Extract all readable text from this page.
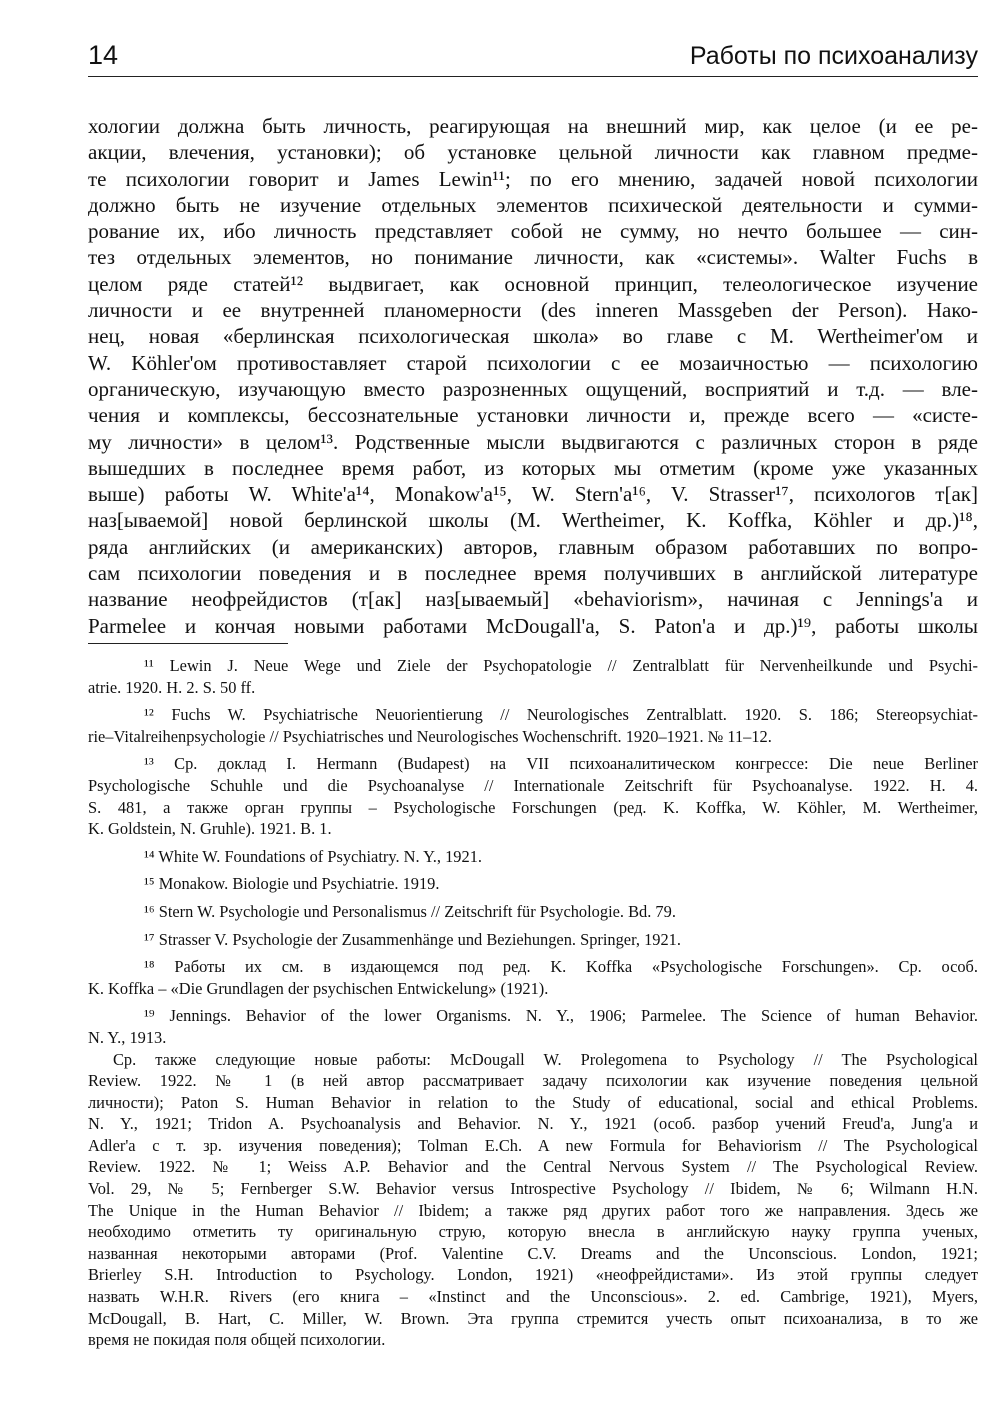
14	Работы по психоанализу
хологии должна быть личность, реагирующая на внешний мир, как целое (и ее ре-
акции, влечения, установки); об установке цельной личности как главном предме-
те психологии говорит и James Lewin¹¹; по его мнению, задачей новой психологии
должно быть не изучение отдельных элементов психической деятельности и сумми-
рование их, ибо личность представляет собой не сумму, но нечто большее — син-
тез отдельных элементов, но понимание личности, как «системы». Walter Fuchs в
целом ряде статей¹² выдвигает, как основной принцип, телеологическое изучение
личности и ее внутренней планомерности (des inneren Massgeben der Person). Нако-
нец, новая «берлинская психологическая школа» во главе с M. Wertheimer'ом и
W. Köhler'ом противоставляет старой психологии с ее мозаичностью — психологию
органическую, изучающую вместо разрозненных ощущений, восприятий и т.д. — вле-
чения и комплексы, бессознательные установки личности и, прежде всего — «систе-
му личности» в целом¹³. Родственные мысли выдвигаются с различных сторон в ряде
вышедших в последнее время работ, из которых мы отметим (кроме уже указанных
выше) работы W. White'a¹⁴, Monakow'a¹⁵, W. Stern'a¹⁶, V. Strasser¹⁷, психологов т[ак]
наз[ываемой] новой берлинской школы (M. Wertheimer, K. Koffka, Köhler и др.)¹⁸,
ряда английских (и американских) авторов, главным образом работавших по вопро-
сам психологии поведения и в последнее время получивших в английской литературе
название неофрейдистов (т[ак] наз[ываемый] «behaviorism», начиная с Jennings'a и
Parmelee и кончая новыми работами McDougall'a, S. Paton'a и др.)¹⁹, работы школы
¹¹ Lewin J. Neue Wege und Ziele der Psychopatologie // Zentralblatt für Nervenheilkunde und Psychi-
atrie. 1920. H. 2. S. 50 ff.
¹² Fuchs W. Psychiatrische Neuorientierung // Neurologisches Zentralblatt. 1920. S. 186; Stereopsychiat-
rie–Vitalreihenpsychologie // Psychiatrisches und Neurologisches Wochenschrift. 1920–1921. № 11–12.
¹³ Ср. доклад I. Hermann (Budapest) на VII психоаналитическом конгрессе: Die neue Berliner
Psychologische Schuhle und die Psychoanalyse // Internationale Zeitschrift für Psychoanalyse. 1922. H. 4.
S. 481, а также орган группы – Psychologische Forschungen (ред. K. Koffka, W. Köhler, M. Wertheimer,
K. Goldstein, N. Gruhle). 1921. B. 1.
¹⁴ White W. Foundations of Psychiatry. N. Y., 1921.
¹⁵ Monakow. Biologie und Psychiatrie. 1919.
¹⁶ Stern W. Psychologie und Personalismus // Zeitschrift für Psychologie. Bd. 79.
¹⁷ Strasser V. Psychologie der Zusammenhänge und Beziehungen. Springer, 1921.
¹⁸ Работы их см. в издающемся под ред. K. Koffka «Psychologische Forschungen». Ср. особ.
K. Koffka – «Die Grundlagen der psychischen Entwickelung» (1921).
¹⁹ Jennings. Behavior of the lower Organisms. N. Y., 1906; Parmelee. The Science of human Behavior.
N. Y., 1913.
Ср. также следующие новые работы: McDougall W. Prolegomena to Psychology // The Psychological
Review. 1922. № 1 (в ней автор рассматривает задачу психологии как изучение поведения цельной
личности); Paton S. Human Behavior in relation to the Study of educational, social and ethical Problems.
N. Y., 1921; Tridon A. Psychoanalysis and Behavior. N. Y., 1921 (особ. разбор учений Freud'a, Jung'a и
Adler'a с т. зр. изучения поведения); Tolman E.Ch. A new Formula for Behaviorism // The Psychological
Review. 1922. № 1; Weiss A.P. Behavior and the Central Nervous System // The Psychological Review.
Vol. 29, № 5; Fernberger S.W. Behavior versus Introspective Psychology // Ibidem, № 6; Wilmann H.N.
The Unique in the Human Behavior // Ibidem; а также ряд других работ того же направления. Здесь же
необходимо отметить ту оригинальную струю, которую внесла в английскую науку группа ученых,
названная некоторыми авторами (Prof. Valentine C.V. Dreams and the Unconscious. London, 1921;
Brierley S.H. Introduction to Psychology. London, 1921) «неофрейдистами». Из этой группы следует
назвать W.H.R. Rivers (его книга – «Instinct and the Unconscious». 2. ed. Cambrige, 1921), Myers,
McDougall, B. Hart, C. Miller, W. Brown. Эта группа стремится учесть опыт психоанализа, в то же
время не покидая поля общей психологии.
